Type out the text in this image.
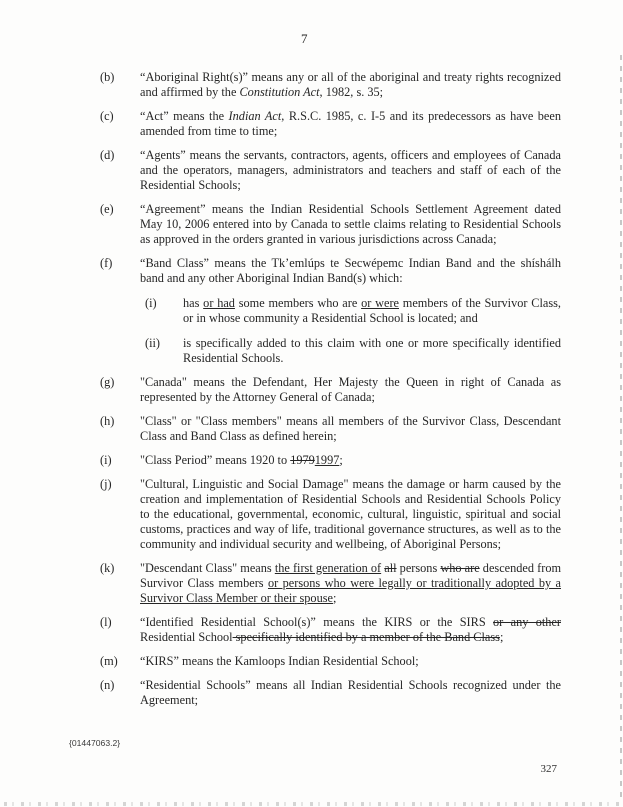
7
(b)	“Aboriginal Right(s)” means any or all of the aboriginal and treaty rights recognized and affirmed by the Constitution Act, 1982, s. 35;
(c)	“Act” means the Indian Act, R.S.C. 1985, c. I-5 and its predecessors as have been amended from time to time;
(d)	“Agents” means the servants, contractors, agents, officers and employees of Canada and the operators, managers, administrators and teachers and staff of each of the Residential Schools;
(e)	“Agreement” means the Indian Residential Schools Settlement Agreement dated May 10, 2006 entered into by Canada to settle claims relating to Residential Schools as approved in the orders granted in various jurisdictions across Canada;
(f)	“Band Class” means the Tk’emlúps te Secwépemc Indian Band and the shíshálh band and any other Aboriginal Indian Band(s) which:
(i)	has or had some members who are or were members of the Survivor Class, or in whose community a Residential School is located; and
(ii)	is specifically added to this claim with one or more specifically identified Residential Schools.
(g)	"Canada" means the Defendant, Her Majesty the Queen in right of Canada as represented by the Attorney General of Canada;
(h)	"Class" or "Class members" means all members of the Survivor Class, Descendant Class and Band Class as defined herein;
(i)	"Class Period” means 1920 to 19791997;
(j)	"Cultural, Linguistic and Social Damage" means the damage or harm caused by the creation and implementation of Residential Schools and Residential Schools Policy to the educational, governmental, economic, cultural, linguistic, spiritual and social customs, practices and way of life, traditional governance structures, as well as to the community and individual security and wellbeing, of Aboriginal Persons;
(k)	"Descendant Class" means the first generation of all persons who are descended from Survivor Class members or persons who were legally or traditionally adopted by a Survivor Class Member or their spouse;
(l)	“Identified Residential School(s)” means the KIRS or the SIRS or any other Residential School specifically identified by a member of the Band Class;
(m)	“KIRS” means the Kamloops Indian Residential School;
(n)	“Residential Schools” means all Indian Residential Schools recognized under the Agreement;
{01447063.2}
327
